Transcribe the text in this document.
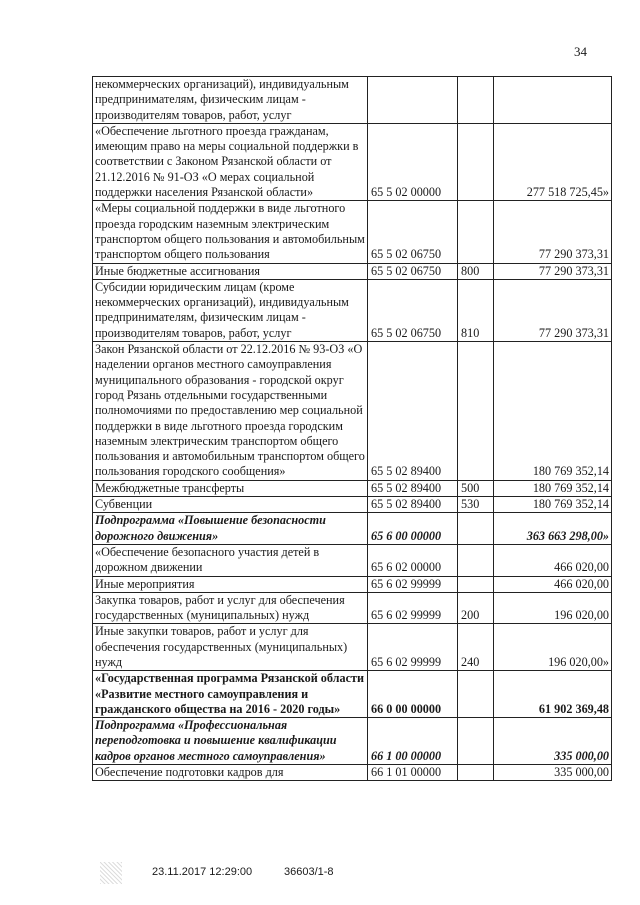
34
некоммерческих организаций), индивидуальным предпринимателям, физическим лицам - производителям товаров, работ, услуг			
«Обеспечение льготного проезда гражданам, имеющим право на меры социальной поддержки в соответствии с Законом Рязанской области от 21.12.2016 № 91-ОЗ «О мерах социальной поддержки населения Рязанской области»	65 5 02 00000		277 518 725,45»
«Меры социальной поддержки в виде льготного проезда городским наземным электрическим транспортом общего пользования и автомобильным транспортом общего пользования	65 5 02 06750		77 290 373,31
Иные бюджетные ассигнования	65 5 02 06750	800	77 290 373,31
Субсидии юридическим лицам (кроме некоммерческих организаций), индивидуальным предпринимателям, физическим лицам - производителям товаров, работ, услуг	65 5 02 06750	810	77 290 373,31
Закон Рязанской области от 22.12.2016 № 93-ОЗ «О наделении органов местного самоуправления муниципального образования - городской округ город Рязань отдельными государственными полномочиями по предоставлению мер социальной поддержки в виде льготного проезда городским наземным электрическим транспортом общего пользования и автомобильным транспортом общего пользования городского сообщения»	65 5 02 89400		180 769 352,14
Межбюджетные трансферты	65 5 02 89400	500	180 769 352,14
Субвенции	65 5 02 89400	530	180 769 352,14
Подпрограмма «Повышение безопасности дорожного движения»	65 6 00 00000		363 663 298,00»
«Обеспечение безопасного участия детей в дорожном движении	65 6 02 00000		466 020,00
Иные мероприятия	65 6 02 99999		466 020,00
Закупка товаров, работ и услуг для обеспечения государственных (муниципальных) нужд	65 6 02 99999	200	196 020,00
Иные закупки товаров, работ и услуг для обеспечения государственных (муниципальных) нужд	65 6 02 99999	240	196 020,00»
«Государственная программа Рязанской области «Развитие местного самоуправления и гражданского общества на 2016 - 2020 годы»	66 0 00 00000		61 902 369,48
Подпрограмма «Профессиональная переподготовка и повышение квалификации кадров органов местного самоуправления»	66 1 00 00000		335 000,00
Обеспечение подготовки кадров для	66 1 01 00000		335 000,00
23.11.2017 12:29:00	36603/1-8
